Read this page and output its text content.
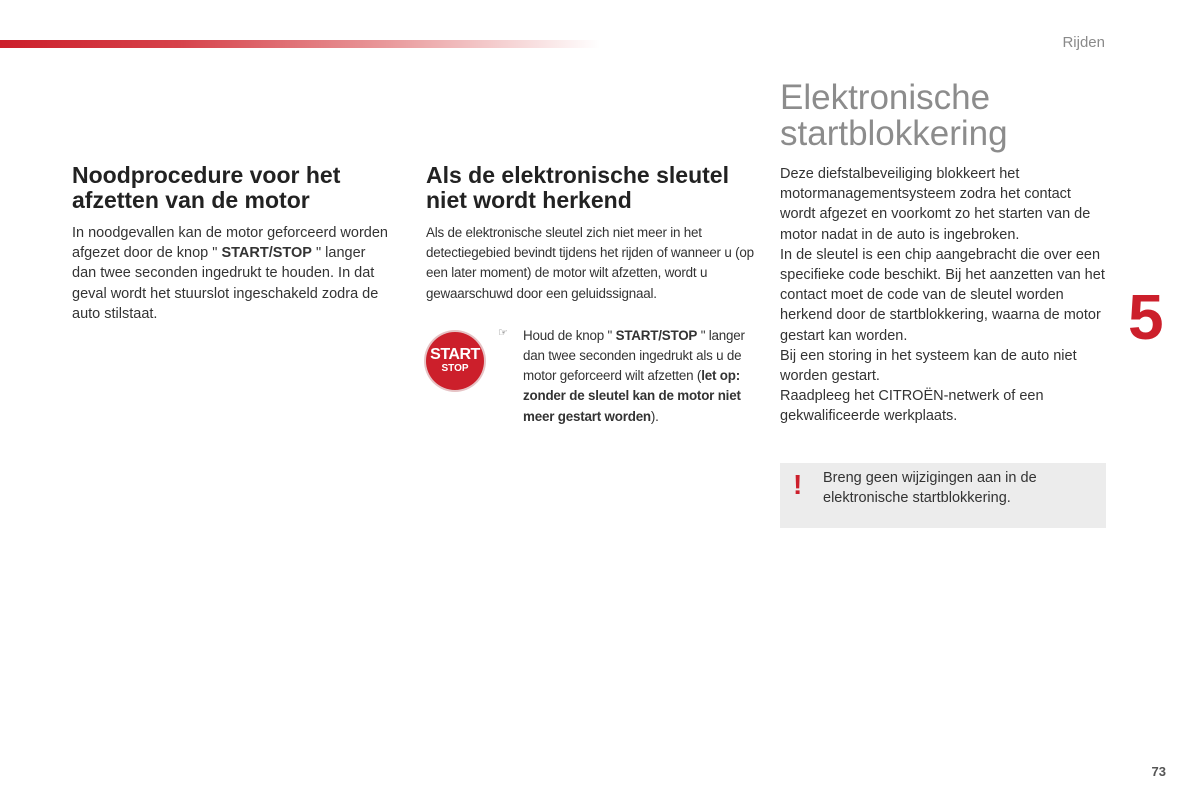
Rijden
Noodprocedure voor het afzetten van de motor

In noodgevallen kan de motor geforceerd worden afgezet door de knop " START/STOP " langer dan twee seconden ingedrukt te houden. In dat geval wordt het stuurslot ingeschakeld zodra de auto stilstaat.

Als de elektronische sleutel niet wordt herkend

Als de elektronische sleutel zich niet meer in het detectiegebied bevindt tijdens het rijden of wanneer u (op een later moment) de motor wilt afzetten, wordt u gewaarschuwd door een geluidssignaal.

START
STOP
☞ Houd de knop " START/STOP " langer dan twee seconden ingedrukt als u de motor geforceerd wilt afzetten (let op: zonder de sleutel kan de motor niet meer gestart worden).

Elektronische startblokkering

Deze diefstalbeveiliging blokkeert het motormanagementsysteem zodra het contact wordt afgezet en voorkomt zo het starten van de motor nadat in de auto is ingebroken.
In de sleutel is een chip aangebracht die over een specifieke code beschikt. Bij het aanzetten van het contact moet de code van de sleutel worden herkend door de startblokkering, waarna de motor gestart kan worden.
Bij een storing in het systeem kan de auto niet worden gestart.
Raadpleeg het CITROËN-netwerk of een gekwalificeerde werkplaats.

! Breng geen wijzigingen aan in de elektronische startblokkering.

5
73
